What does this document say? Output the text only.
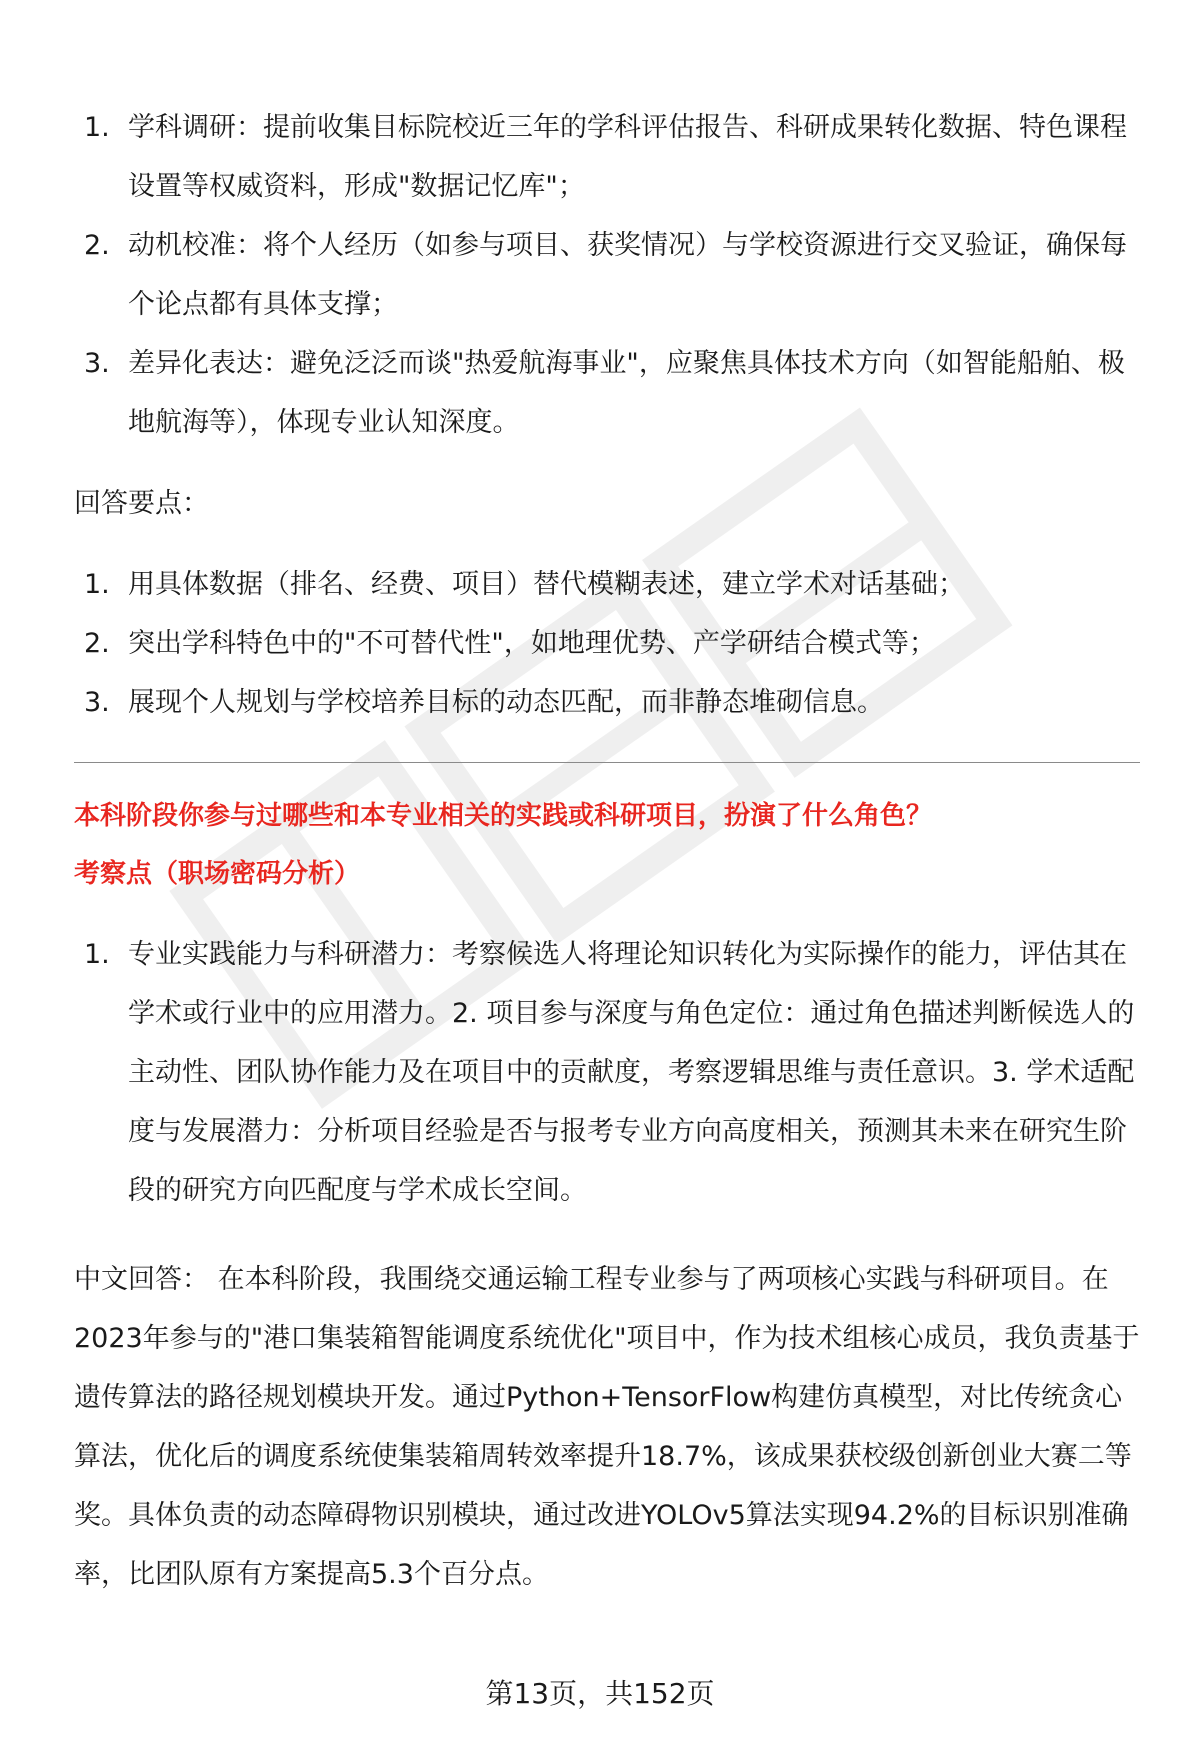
1. 学科调研：提前收集目标院校近三年的学科评估报告、科研成果转化数据、特色课程设置等权威资料，形成"数据记忆库"；
2. 动机校准：将个人经历（如参与项目、获奖情况）与学校资源进行交叉验证，确保每个论点都有具体支撑；
3. 差异化表达：避免泛泛而谈"热爱航海事业"，应聚焦具体技术方向（如智能船舶、极地航海等），体现专业认知深度。

回答要点：

1. 用具体数据（排名、经费、项目）替代模糊表述，建立学术对话基础；
2. 突出学科特色中的"不可替代性"，如地理优势、产学研结合模式等；
3. 展现个人规划与学校培养目标的动态匹配，而非静态堆砌信息。

本科阶段你参与过哪些和本专业相关的实践或科研项目，扮演了什么角色？

考察点（职场密码分析）

1. 专业实践能力与科研潜力：考察候选人将理论知识转化为实际操作的能力，评估其在学术或行业中的应用潜力。2. 项目参与深度与角色定位：通过角色描述判断候选人的主动性、团队协作能力及在项目中的贡献度，考察逻辑思维与责任意识。3. 学术适配度与发展潜力：分析项目经验是否与报考专业方向高度相关，预测其未来在研究生阶段的研究方向匹配度与学术成长空间。

中文回答： 在本科阶段，我围绕交通运输工程专业参与了两项核心实践与科研项目。在2023年参与的"港口集装箱智能调度系统优化"项目中，作为技术组核心成员，我负责基于遗传算法的路径规划模块开发。通过Python+TensorFlow构建仿真模型，对比传统贪心算法，优化后的调度系统使集装箱周转效率提升18.7%，该成果获校级创新创业大赛二等奖。具体负责的动态障碍物识别模块，通过改进YOLOv5算法实现94.2%的目标识别准确率，比团队原有方案提高5.3个百分点。

第13页，共152页
